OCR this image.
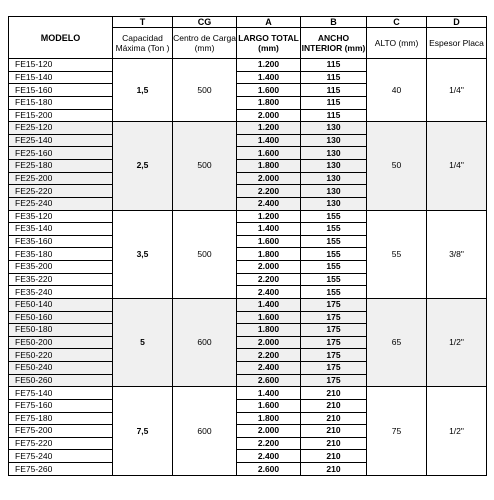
MODELO	T	CG	A	B	C	D
	Capacidad Máxima (Ton )	Centro de Carga (mm)	LARGO TOTAL (mm)	ANCHO INTERIOR (mm)	ALTO (mm)	Espesor Placa
FE15-120	1,5	500	1.200	115	40	1/4"
FE15-140			1.400	115		
FE15-160			1.600	115		
FE15-180			1.800	115		
FE15-200			2.000	115		
FE25-120	2,5	500	1.200	130	50	1/4"
FE25-140			1.400	130		
FE25-160			1.600	130		
FE25-180			1.800	130		
FE25-200			2.000	130		
FE25-220			2.200	130		
FE25-240			2.400	130		
FE35-120	3,5	500	1.200	155	55	3/8"
FE35-140			1.400	155		
FE35-160			1.600	155		
FE35-180			1.800	155		
FE35-200			2.000	155		
FE35-220			2.200	155		
FE35-240			2.400	155		
FE50-140	5	600	1.400	175	65	1/2"
FE50-160			1.600	175		
FE50-180			1.800	175		
FE50-200			2.000	175		
FE50-220			2.200	175		
FE50-240			2.400	175		
FE50-260			2.600	175		
FE75-140	7,5	600	1.400	210	75	1/2"
FE75-160			1.600	210		
FE75-180			1.800	210		
FE75-200			2.000	210		
FE75-220			2.200	210		
FE75-240			2.400	210		
FE75-260			2.600	210		
